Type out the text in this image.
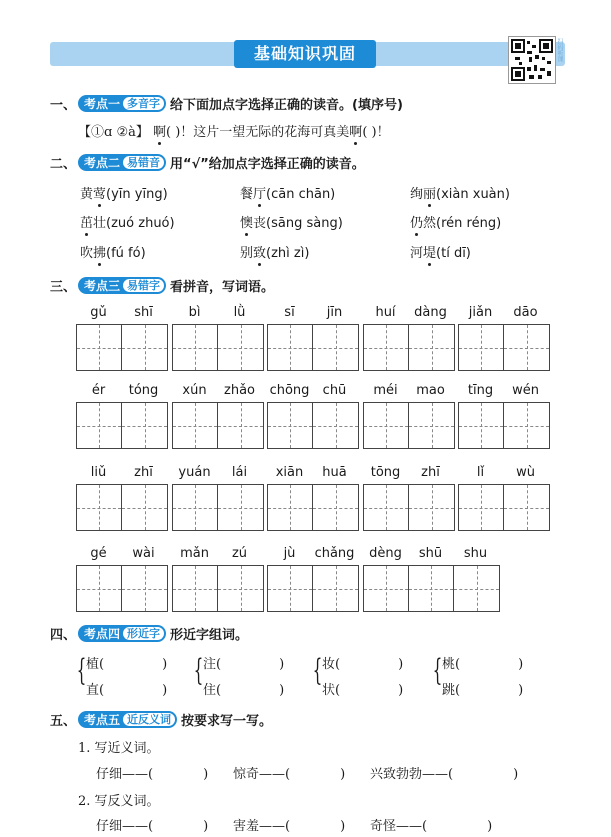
基础知识巩固	扫码听课
一、 考点一 多音字 给下面加点字选择正确的读音。(填序号)
【①ɑ ②à】 啊( )！这片一望无际的花海可真美啊( )！
二、 考点二 易错音 用“√”给加点字选择正确的读音。
黄莺(yīn yīng)	餐厅(cān chān)	绚丽(xiàn xuàn)
茁壮(zuó zhuó)	懊丧(sāng sàng)	仍然(rén réng)
吹拂(fú fó)	别致(zhì zì)	河堤(tí dī)
三、 考点三 易错字 看拼音，写词语。
gǔ	shī	bì	lǜ	sī	jīn	huí	dàng	jiǎn	dāo
ér	tóng	xún	zhǎo	chōng	chū	méi	mao	tīng	wén
liǔ	zhī	yuán	lái	xiān	huā	tōng	zhī	lǐ	wù
gé	wài	mǎn	zú	jù	chǎng	dèng	shū	shu
四、 考点四 形近字 形近字组词。
{ 植(	)
直(	)
{ 注(	)
住(	)
{ 妆(	)
状(	)
{ 桃(	)
跳(	)
五、 考点五 近反义词 按要求写一写。
1. 写近义词。
仔细——(	) 惊奇——(	) 兴致勃勃——(	)
2. 写反义词。
仔细——(	) 害羞——(	) 奇怪——(	)
